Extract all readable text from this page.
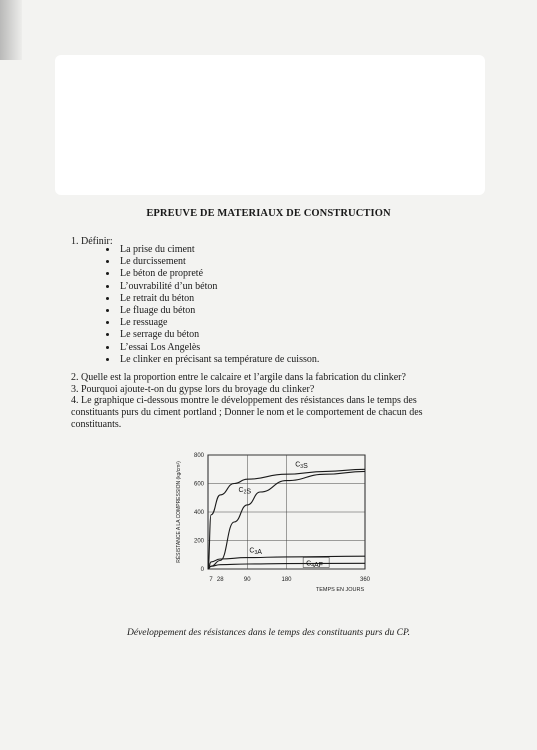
EPREUVE DE MATERIAUX DE CONSTRUCTION
1. Définir:
• La prise du ciment
• Le durcissement
• Le béton de propreté
• L’ouvrabilité d’un béton
• Le retrait du béton
• Le fluage du béton
• Le ressuage
• Le serrage du béton
• L’essai Los Angelès
• Le clinker en précisant sa température de cuisson.

2. Quelle est la proportion entre le calcaire et l’argile dans la fabrication du clinker?

3. Pourquoi ajoute-t-on du gypse lors du broyage du clinker?

4. Le graphique ci-dessous montre le développement des résistances dans le temps des constituants purs du ciment portland ; Donner le nom et le comportement de chacun des constituants.

0
200
400
600
800
7 28	90	180	360
TEMPS EN JOURS
RÉSISTANCE A LA COMPRESSION (kg/cm²)	$C_3S$
$C_2S$
$C_3A$
$C_4AF$
Développement des résistances dans le temps des constituants purs du CP.
